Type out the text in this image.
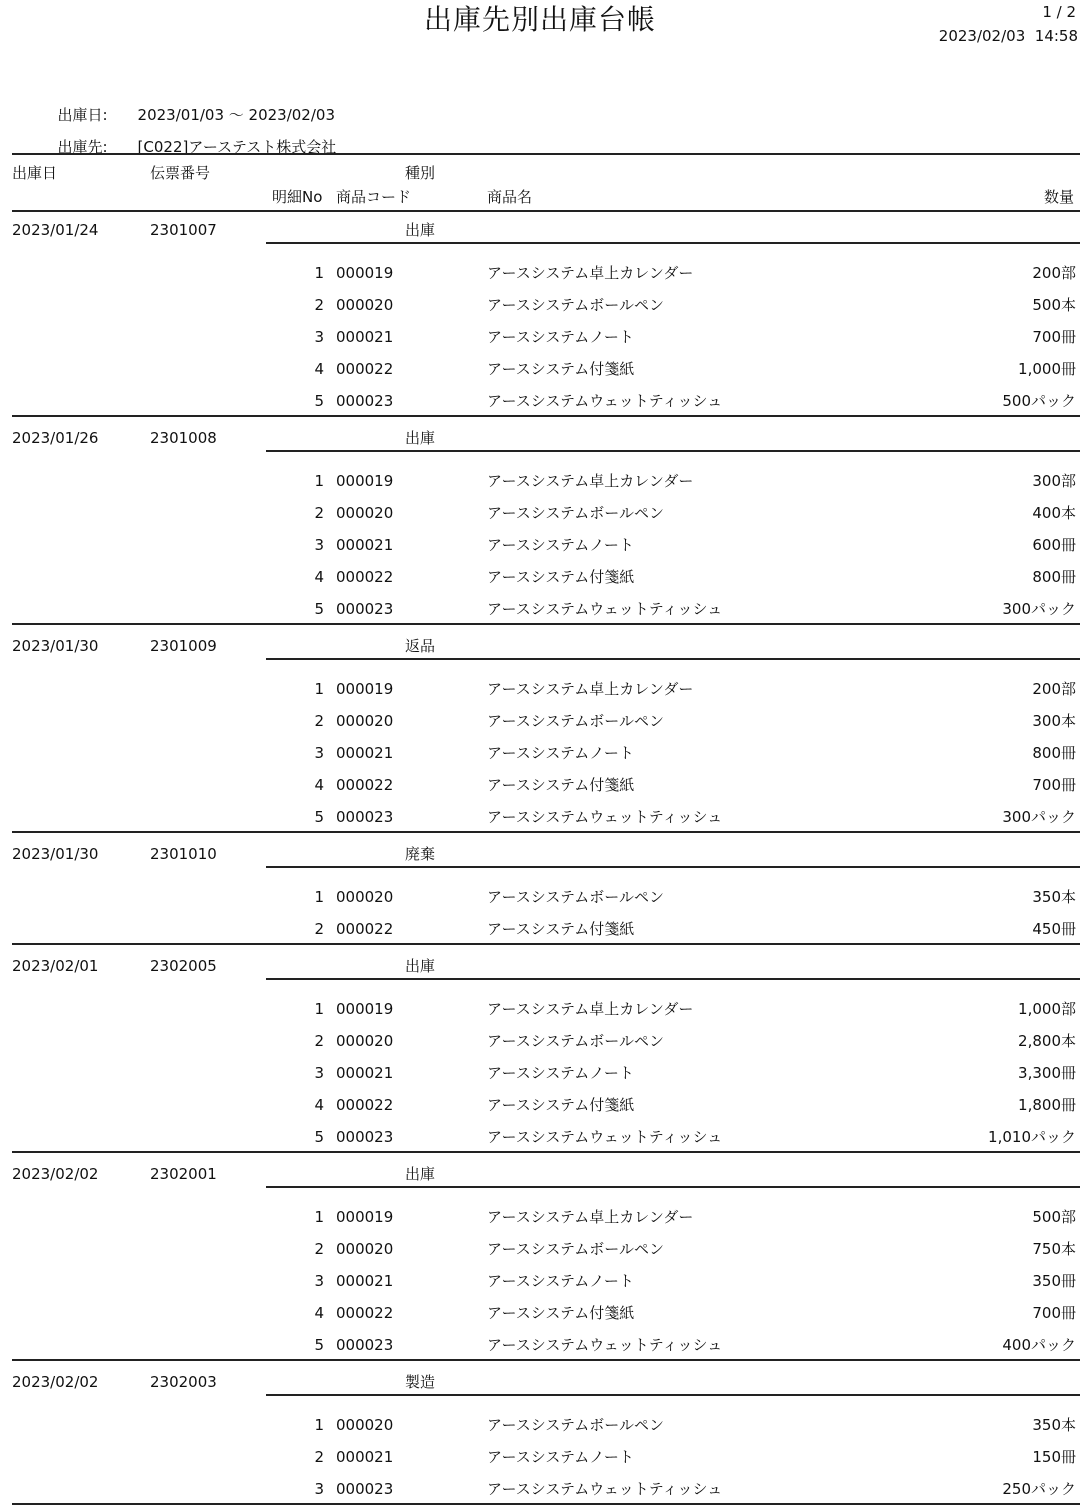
出庫先別出庫台帳	1 / 2
2023/02/03  14:58

出庫日: 2023/01/03 ～ 2023/02/03

出庫先: [C022]アーステスト株式会社

出庫日	伝票番号	種別
明細No 商品コード	商品名	数量
2023/01/24	2301007	出庫
1 000019	アースシステム卓上カレンダー	200部
2 000020	アースシステムボールペン	500本
3 000021	アースシステムノート	700冊
4 000022	アースシステム付箋紙	1,000冊
5 000023	アースシステムウェットティッシュ	500パック
2023/01/26	2301008	出庫
1 000019	アースシステム卓上カレンダー	300部
2 000020	アースシステムボールペン	400本
3 000021	アースシステムノート	600冊
4 000022	アースシステム付箋紙	800冊
5 000023	アースシステムウェットティッシュ	300パック
2023/01/30	2301009	返品
1 000019	アースシステム卓上カレンダー	200部
2 000020	アースシステムボールペン	300本
3 000021	アースシステムノート	800冊
4 000022	アースシステム付箋紙	700冊
5 000023	アースシステムウェットティッシュ	300パック
2023/01/30	2301010	廃棄
1 000020	アースシステムボールペン	350本
2 000022	アースシステム付箋紙	450冊
2023/02/01	2302005	出庫
1 000019	アースシステム卓上カレンダー	1,000部
2 000020	アースシステムボールペン	2,800本
3 000021	アースシステムノート	3,300冊
4 000022	アースシステム付箋紙	1,800冊
5 000023	アースシステムウェットティッシュ	1,010パック
2023/02/02	2302001	出庫
1 000019	アースシステム卓上カレンダー	500部
2 000020	アースシステムボールペン	750本
3 000021	アースシステムノート	350冊
4 000022	アースシステム付箋紙	700冊
5 000023	アースシステムウェットティッシュ	400パック
2023/02/02	2302003	製造
1 000020	アースシステムボールペン	350本
2 000021	アースシステムノート	150冊
3 000023	アースシステムウェットティッシュ	250パック
